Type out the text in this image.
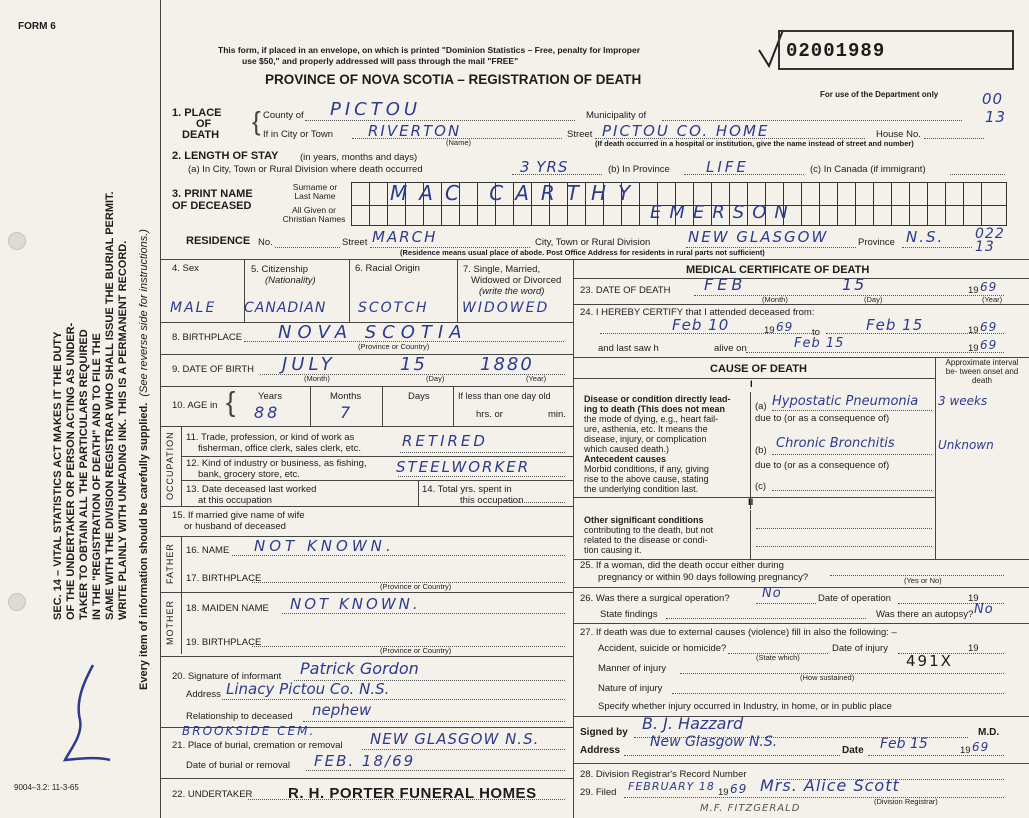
FORM 6
SEC. 14 – VITAL STATISTICS ACT MAKES IT THE DUTY OF THE UNDERTAKER OR PERSON ACTING AS UNDER- TAKER TO OBTAIN ALL THE PARTICULARS REQUIRED IN THE "REGISTRATION OF DEATH" AND TO FILE THE SAME WITH THE DIVISION REGISTRAR WHO SHALL ISSUE THE BURIAL PERMIT. WRITE PLAINLY WITH UNFADING INK. THIS IS A PERMANENT RECORD. Every item of information should be carefully supplied.  (See reverse side for instructions.)
9004–3.2: 11-3-65
This form, if placed in an envelope, on which is printed "Dominion Statistics – Free, penalty for Improper
use $50," and properly addressed will pass through the mail "FREE"
PROVINCE OF NOVA SCOTIA – REGISTRATION OF DEATH
02001989
For use of the Department only	00
13
1. PLACE
OF
DEATH { County of PICTOU	Municipality of
If in City or Town RIVERTON
(Name)
Street PICTOU CO. HOME	House No.
(If death occurred in a hospital or institution, give the name instead of street and number)
2. LENGTH OF STAY (in years, months and days)
(a) In City, Town or Rural Division where death occurred	3 YRS	(b) In Province LIFE	(c) In Canada (if immigrant)
3. PRINT NAME
OF DECEASED
Surname or
Last Name
All Given or
Christian Names
MAC CARTHY
EMERSON
RESIDENCE No.	Street MARCH	City, Town or Rural Division	NEW GLASGOW	Province N.S. 022 13
(Residence means usual place of abode. Post Office Address for residents in rural parts not sufficient)
4. Sex	5. Citizenship
(Nationality)
6. Racial Origin	7. Single, Married,
Widowed or Divorced
(write the word)
MALE CANADIAN SCOTCH WIDOWED
8. BIRTHPLACE NOVA SCOTIA
(Province or Country)
9. DATE OF BIRTH JULY	15	1880
(Month)	(Day)	(Year)
10. AGE in { Years	Months	Days	If less than one day old
88	7	hrs. or	min.
OCCUPATION 11. Trade, profession, or kind of work as
fisherman, office clerk, sales clerk, etc.	RETIRED
12. Kind of industry or business, as fishing,
bank, grocery store, etc.	STEELWORKER
13. Date deceased last worked
at this occupation
14. Total yrs. spent in
this occupation
15. If married give name of wife
or husband of deceased
FATHER 16. NAME NOT KNOWN.
17. BIRTHPLACE
(Province or Country)
MOTHER 18. MAIDEN NAME NOT KNOWN.
19. BIRTHPLACE
(Province or Country)
20. Signature of informant Patrick Gordon
Address Linacy Pictou Co. N.S.
Relationship to deceased nephew
BROOKSIDE CEM.
21. Place of burial, cremation or removal NEW GLASGOW N.S.
Date of burial or removal FEB. 18/69
22. UNDERTAKER R. H. PORTER FUNERAL HOMES
MEDICAL CERTIFICATE OF DEATH
23. DATE OF DEATH FEB	15	19 69
(Month)	(Day)	(Year)
24. I HEREBY CERTIFY that I attended deceased from:
Feb 10	19 69 to	Feb 15	19 69
and last saw h	alive on	Feb 15	19 69
CAUSE OF DEATH
Approximate interval be- tween onset and death
I
Disease or condition directly lead-
ing to death (This does not mean
the mode of dying, e.g., heart fail-
ure, asthenia, etc. It means the
disease, injury, or complication
which caused death.)
(a) Hypostatic Pneumonia 3 weeks
due to (or as a consequence of)
(b) Chronic Bronchitis	Unknown
due to (or as a consequence of)
(c)
Antecedent causes
Morbid conditions, if any, giving
rise to the above cause, stating
the underlying condition last.
II
Other significant conditions
contributing to the death, but not
related to the disease or condi-
tion causing it.
25. If a woman, did the death occur either during
pregnancy or within 90 days following pregnancy?	(Yes or No)
26. Was there a surgical operation? No	Date of operation	19
State findings	Was there an autopsy? No
27. If death was due to external causes (violence) fill in also the following: –
Accident, suicide or homicide?
(State which)
Date of injury	19
491X
Manner of injury
(How sustained)
Nature of injury
Specify whether injury occurred in Industry, in home, or in public place
Signed by B. J. Hazzard	M.D.
Address
New Glasgow N.S.
Date Feb 15	19 69
28. Division Registrar's Record Number
29. Filed FEBRUARY 18 19 69 Mrs. Alice Scott
(Division Registrar)
M.F. FITZGERALD
